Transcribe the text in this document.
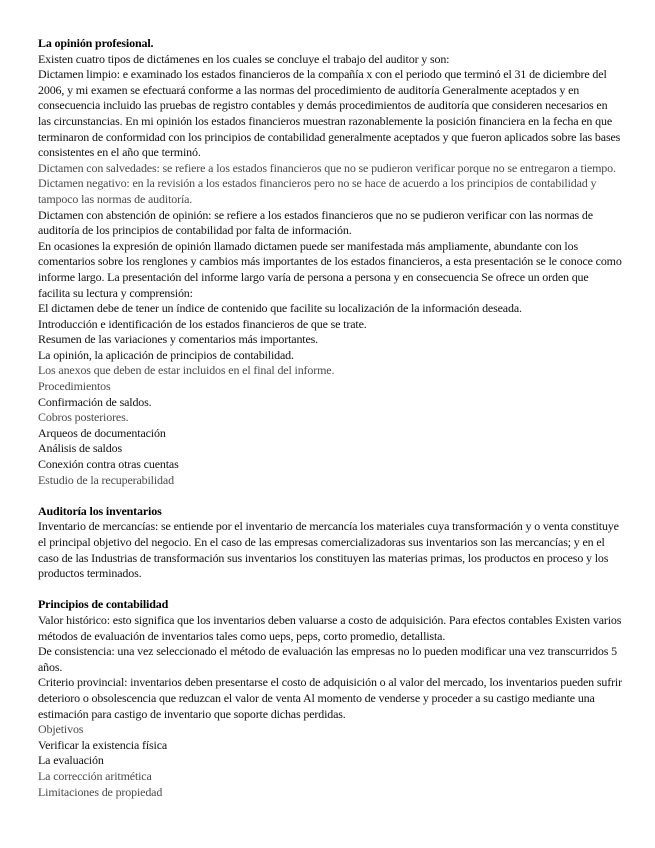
La opinión profesional.
Existen cuatro tipos de dictámenes en los cuales se concluye el trabajo del auditor y son:
Dictamen limpio: e examinado los estados financieros de la compañía x con el periodo que terminó el 31 de diciembre del 2006, y mi examen se efectuará conforme a las normas del procedimiento de auditoría Generalmente aceptados y en consecuencia incluido las pruebas de registro contables y demás procedimientos de auditoría que consideren necesarios en las circunstancias. En mi opinión los estados financieros muestran razonablemente la posición financiera en la fecha en que terminaron de conformidad con los principios de contabilidad generalmente aceptados y que fueron aplicados sobre las bases consistentes en el año que terminó.
Dictamen con salvedades: se refiere a los estados financieros que no se pudieron verificar porque no se entregaron a tiempo.
Dictamen negativo: en la revisión a los estados financieros pero no se hace de acuerdo a los principios de contabilidad y tampoco las normas de auditoría.
Dictamen con abstención de opinión: se refiere a los estados financieros que no se pudieron verificar con las normas de auditoría de los principios de contabilidad por falta de información.
En ocasiones la expresión de opinión llamado dictamen puede ser manifestada más ampliamente, abundante con los comentarios sobre los renglones y cambios más importantes de los estados financieros, a esta presentación se le conoce como informe largo. La presentación del informe largo varía de persona a persona y en consecuencia Se ofrece un orden que facilita su lectura y comprensión:
El dictamen debe de tener un índice de contenido que facilite su localización de la información deseada.
Introducción e identificación de los estados financieros de que se trate.
Resumen de las variaciones y comentarios más importantes.
La opinión, la aplicación de principios de contabilidad.
Los anexos que deben de estar incluidos en el final del informe.
Procedimientos
Confirmación de saldos.
Cobros posteriores.
Arqueos de documentación
Análisis de saldos
Conexión contra otras cuentas
Estudio de la recuperabilidad
Auditoría los inventarios
Inventario de mercancías: se entiende por el inventario de mercancía los materiales cuya transformación y o venta constituye el principal objetivo del negocio. En el caso de las empresas comercializadoras sus inventarios son las mercancías; y en el caso de las Industrias de transformación sus inventarios los constituyen las materias primas, los productos en proceso y los productos terminados.
Principios de contabilidad
Valor histórico: esto significa que los inventarios deben valuarse a costo de adquisición. Para efectos contables Existen varios métodos de evaluación de inventarios tales como ueps, peps, corto promedio, detallista.
De consistencia: una vez seleccionado el método de evaluación las empresas no lo pueden modificar una vez transcurridos 5 años.
Criterio provincial: inventarios deben presentarse el costo de adquisición o al valor del mercado, los inventarios pueden sufrir deterioro o obsolescencia que reduzcan el valor de venta Al momento de venderse y proceder a su castigo mediante una estimación para castigo de inventario que soporte dichas perdidas.
Objetivos
Verificar la existencia física
La evaluación
La corrección aritmética
Limitaciones de propiedad
